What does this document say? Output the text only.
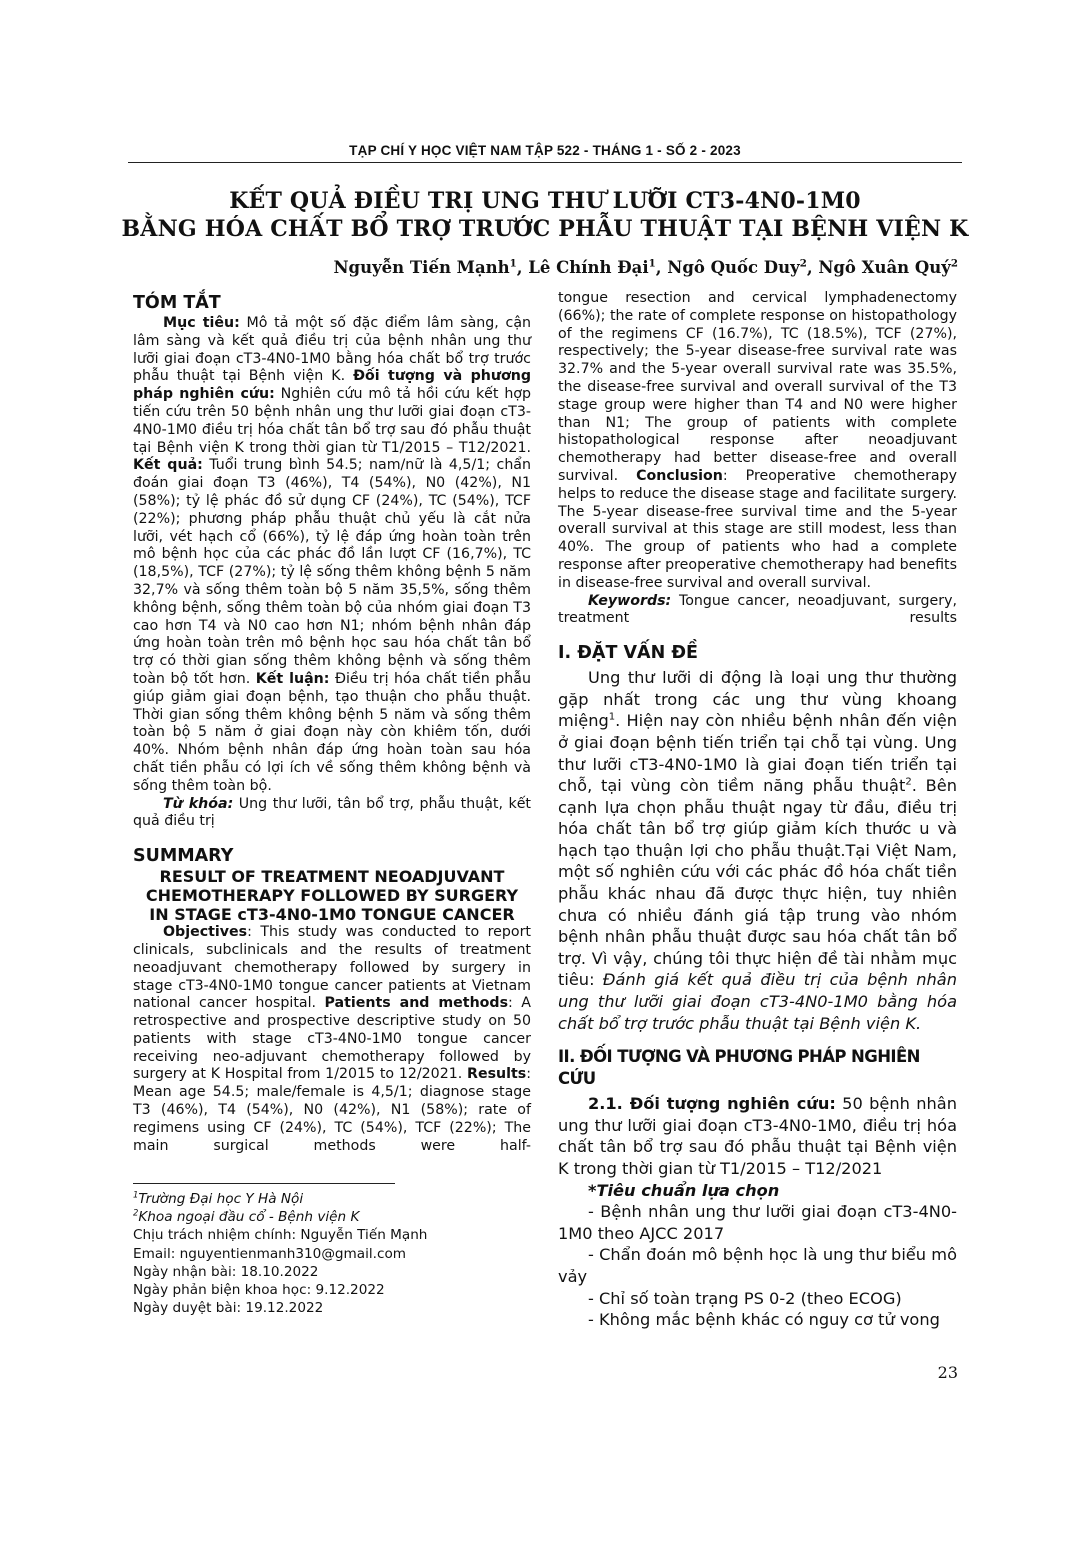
TẠP CHÍ Y HỌC VIỆT NAM TẬP 522 - THÁNG 1 - SỐ 2 - 2023
KẾT QUẢ ĐIỀU TRỊ UNG THƯ LƯỠI CT3-4N0-1M0
BẰNG HÓA CHẤT BỔ TRỢ TRƯỚC PHẪU THUẬT TẠI BỆNH VIỆN K
Nguyễn Tiến Mạnh$^1$, Lê Chính Đại$^1$, Ngô Quốc Duy$^2$, Ngô Xuân Quý$^2$
TÓM TẮT

Mục tiêu: Mô tả một số đặc điểm lâm sàng, cận lâm sàng và kết quả điều trị của bệnh nhân ung thư lưỡi giai đoạn cT3-4N0-1M0 bằng hóa chất bổ trợ trước phẫu thuật tại Bệnh viện K. Đối tượng và phương pháp nghiên cứu: Nghiên cứu mô tả hồi cứu kết hợp tiến cứu trên 50 bệnh nhân ung thư lưỡi giai đoạn cT3-4N0-1M0 điều trị hóa chất tân bổ trợ sau đó phẫu thuật tại Bệnh viện K trong thời gian từ T1/2015 – T12/2021. Kết quả: Tuổi trung bình 54.5; nam/nữ là 4,5/1; chẩn đoán giai đoạn T3 (46%), T4 (54%), N0 (42%), N1 (58%); tỷ lệ phác đồ sử dụng CF (24%), TC (54%), TCF (22%); phương pháp phẫu thuật chủ yếu là cắt nửa lưỡi, vét hạch cổ (66%), tỷ lệ đáp ứng hoàn toàn trên mô bệnh học của các phác đồ lần lượt CF (16,7%), TC (18,5%), TCF (27%); tỷ lệ sống thêm không bệnh 5 năm 32,7% và sống thêm toàn bộ 5 năm 35,5%, sống thêm không bệnh, sống thêm toàn bộ của nhóm giai đoạn T3 cao hơn T4 và N0 cao hơn N1; nhóm bệnh nhân đáp ứng hoàn toàn trên mô bệnh học sau hóa chất tân bổ trợ có thời gian sống thêm không bệnh và sống thêm toàn bộ tốt hơn. Kết luận: Điều trị hóa chất tiền phẫu giúp giảm giai đoạn bệnh, tạo thuận cho phẫu thuật. Thời gian sống thêm không bệnh 5 năm và sống thêm toàn bộ 5 năm ở giai đoạn này còn khiêm tốn, dưới 40%. Nhóm bệnh nhân đáp ứng hoàn toàn sau hóa chất tiền phẫu có lợi ích về sống thêm không bệnh và sống thêm toàn bộ.

Từ khóa: Ung thư lưỡi, tân bổ trợ, phẫu thuật, kết quả điều trị

SUMMARY
RESULT OF TREATMENT NEOADJUVANT
CHEMOTHERAPY FOLLOWED BY SURGERY
IN STAGE cT3-4N0-1M0 TONGUE CANCER

Objectives: This study was conducted to report clinicals, subclinicals and the results of treatment neoadjuvant chemotherapy followed by surgery in stage cT3-4N0-1M0 tongue cancer patients at Vietnam national cancer hospital. Patients and methods: A retrospective and prospective descriptive study on 50 patients with stage cT3-4N0-1M0 tongue cancer receiving neo-adjuvant chemotherapy followed by surgery at K Hospital from 1/2015 to 12/2021. Results: Mean age 54.5; male/female is 4,5/1; diagnose stage T3 (46%), T4 (54%), N0 (42%), N1 (58%); rate of regimens using CF (24%), TC (54%), TCF (22%); The main surgical methods were half-

$^1$Trường Đại học Y Hà Nội
$^2$Khoa ngoại đầu cổ - Bệnh viện K
Chịu trách nhiệm chính: Nguyễn Tiến Mạnh
Email: nguyentienmanh310@gmail.com
Ngày nhận bài: 18.10.2022
Ngày phản biện khoa học: 9.12.2022
Ngày duyệt bài: 19.12.2022

tongue resection and cervical lymphadenectomy (66%); the rate of complete response on histopathology of the regimens CF (16.7%), TC (18.5%), TCF (27%), respectively; the 5-year disease-free survival rate was 32.7% and the 5-year overall survival rate was 35.5%, the disease-free survival and overall survival of the T3 stage group were higher than T4 and N0 were higher than N1; The group of patients with complete histopathological response after neoadjuvant chemotherapy had better disease-free and overall survival. Conclusion: Preoperative chemotherapy helps to reduce the disease stage and facilitate surgery. The 5-year disease-free survival time and the 5-year overall survival at this stage are still modest, less than 40%. The group of patients who had a complete response after preoperative chemotherapy had benefits in disease-free survival and overall survival.

Keywords: Tongue cancer, neoadjuvant, surgery, treatment results

I. ĐẶT VẤN ĐỀ

Ung thư lưỡi di động là loại ung thư thường gặp nhất trong các ung thư vùng khoang miệng$^1$. Hiện nay còn nhiều bệnh nhân đến viện ở giai đoạn bệnh tiến triển tại chỗ tại vùng. Ung thư lưỡi cT3-4N0-1M0 là giai đoạn tiến triển tại chỗ, tại vùng còn tiềm năng phẫu thuật$^2$. Bên cạnh lựa chọn phẫu thuật ngay từ đầu, điều trị hóa chất tân bổ trợ giúp giảm kích thước u và hạch tạo thuận lợi cho phẫu thuật.Tại Việt Nam, một số nghiên cứu với các phác đồ hóa chất tiền phẫu khác nhau đã được thực hiện, tuy nhiên chưa có nhiều đánh giá tập trung vào nhóm bệnh nhân phẫu thuật được sau hóa chất tân bổ trợ. Vì vậy, chúng tôi thực hiện đề tài nhằm mục tiêu: Đánh giá kết quả điều trị của bệnh nhân ung thư lưỡi giai đoạn cT3-4N0-1M0 bằng hóa chất bổ trợ trước phẫu thuật tại Bệnh viện K.

II. ĐỐI TƯỢNG VÀ PHƯƠNG PHÁP NGHIÊN CỨU

2.1. Đối tượng nghiên cứu: 50 bệnh nhân ung thư lưỡi giai đoạn cT3-4N0-1M0, điều trị hóa chất tân bổ trợ sau đó phẫu thuật tại Bệnh viện K trong thời gian từ T1/2015 – T12/2021

*Tiêu chuẩn lựa chọn

- Bệnh nhân ung thư lưỡi giai đoạn cT3-4N0-1M0 theo AJCC 2017

- Chẩn đoán mô bệnh học là ung thư biểu mô vảy

- Chỉ số toàn trạng PS 0-2 (theo ECOG)

- Không mắc bệnh khác có nguy cơ tử vong

23
